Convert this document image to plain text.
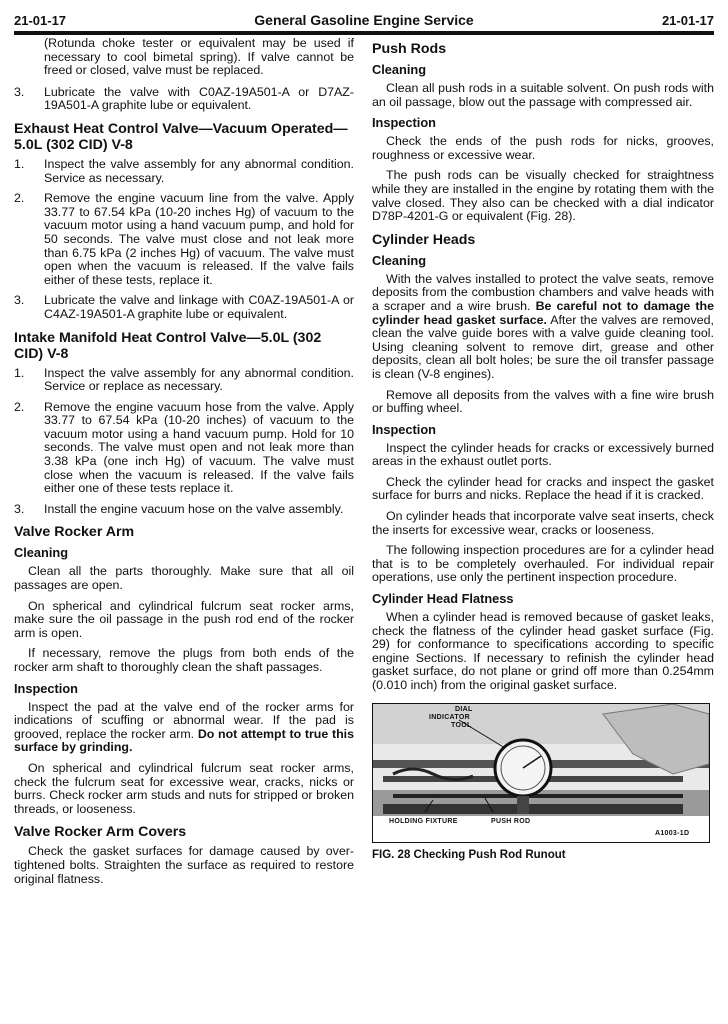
21-01-17	General Gasoline Engine Service	21-01-17
(Rotunda choke tester or equivalent may be used if necessary to cool bimetal spring). If valve cannot be freed or closed, valve must be replaced.
3.	Lubricate the valve with C0AZ-19A501-A or D7AZ-19A501-A graphite lube or equivalent.
Exhaust Heat Control Valve—Vacuum Operated—5.0L (302 CID) V-8
1.	Inspect the valve assembly for any abnormal condition. Service as necessary.
2.	Remove the engine vacuum line from the valve. Apply 33.77 to 67.54 kPa (10-20 inches Hg) of vacuum to the vacuum motor using a hand vacuum pump, and hold for 50 seconds. The valve must close and not leak more than 6.75 kPa (2 inches Hg) of vacuum. The valve must open when the vacuum is released. If the valve fails either of these tests, replace it.
3.	Lubricate the valve and linkage with C0AZ-19A501-A or C4AZ-19A501-A graphite lube or equivalent.
Intake Manifold Heat Control Valve—5.0L (302 CID) V-8
1.	Inspect the valve assembly for any abnormal condition. Service or replace as necessary.
2.	Remove the engine vacuum hose from the valve. Apply 33.77 to 67.54 kPa (10-20 inches) of vacuum to the vacuum motor using a hand vacuum pump. Hold for 10 seconds. The valve must open and not leak more than 3.38 kPa (one inch Hg) of vacuum. The valve must close when the vacuum is released. If the valve fails either one of these tests replace it.
3.	Install the engine vacuum hose on the valve assembly.
Valve Rocker Arm
Cleaning

Clean all the parts thoroughly. Make sure that all oil passages are open.

On spherical and cylindrical fulcrum seat rocker arms, make sure the oil passage in the push rod end of the rocker arm is open.

If necessary, remove the plugs from both ends of the rocker arm shaft to thoroughly clean the shaft passages.

Inspection

Inspect the pad at the valve end of the rocker arms for indications of scuffing or abnormal wear. If the pad is grooved, replace the rocker arm. Do not attempt to true this surface by grinding.

On spherical and cylindrical fulcrum seat rocker arms, check the fulcrum seat for excessive wear, cracks, nicks or burrs. Check rocker arm studs and nuts for stripped or broken threads, or looseness.

Valve Rocker Arm Covers

Check the gasket surfaces for damage caused by over-tightened bolts. Straighten the surface as required to restore original flatness.

Push Rods
Cleaning

Clean all push rods in a suitable solvent. On push rods with an oil passage, blow out the passage with compressed air.

Inspection

Check the ends of the push rods for nicks, grooves, roughness or excessive wear.

The push rods can be visually checked for straightness while they are installed in the engine by rotating them with the valve closed. They also can be checked with a dial indicator D78P-4201-G or equivalent (Fig. 28).

Cylinder Heads
Cleaning

With the valves installed to protect the valve seats, remove deposits from the combustion chambers and valve heads with a scraper and a wire brush. Be careful not to damage the cylinder head gasket surface. After the valves are removed, clean the valve guide bores with a valve guide cleaning tool. Using cleaning solvent to remove dirt, grease and other deposits, clean all bolt holes; be sure the oil transfer passage is clean (V-8 engines).

Remove all deposits from the valves with a fine wire brush or buffing wheel.

Inspection

Inspect the cylinder heads for cracks or excessively burned areas in the exhaust outlet ports.

Check the cylinder head for cracks and inspect the gasket surface for burrs and nicks. Replace the head if it is cracked.

On cylinder heads that incorporate valve seat inserts, check the inserts for excessive wear, cracks or looseness.

The following inspection procedures are for a cylinder head that is to be completely overhauled. For individual repair operations, use only the pertinent inspection procedure.

Cylinder Head Flatness

When a cylinder head is removed because of gasket leaks, check the flatness of the cylinder head gasket surface (Fig. 29) for conformance to specifications according to specific engine Sections. If necessary to refinish the cylinder head gasket surface, do not plane or grind off more than 0.254mm (0.010 inch) from the original gasket surface.

DIAL
INDICATOR
TOOL
HOLDING FIXTURE	PUSH ROD
A1003-1D
FIG. 28 Checking Push Rod Runout
